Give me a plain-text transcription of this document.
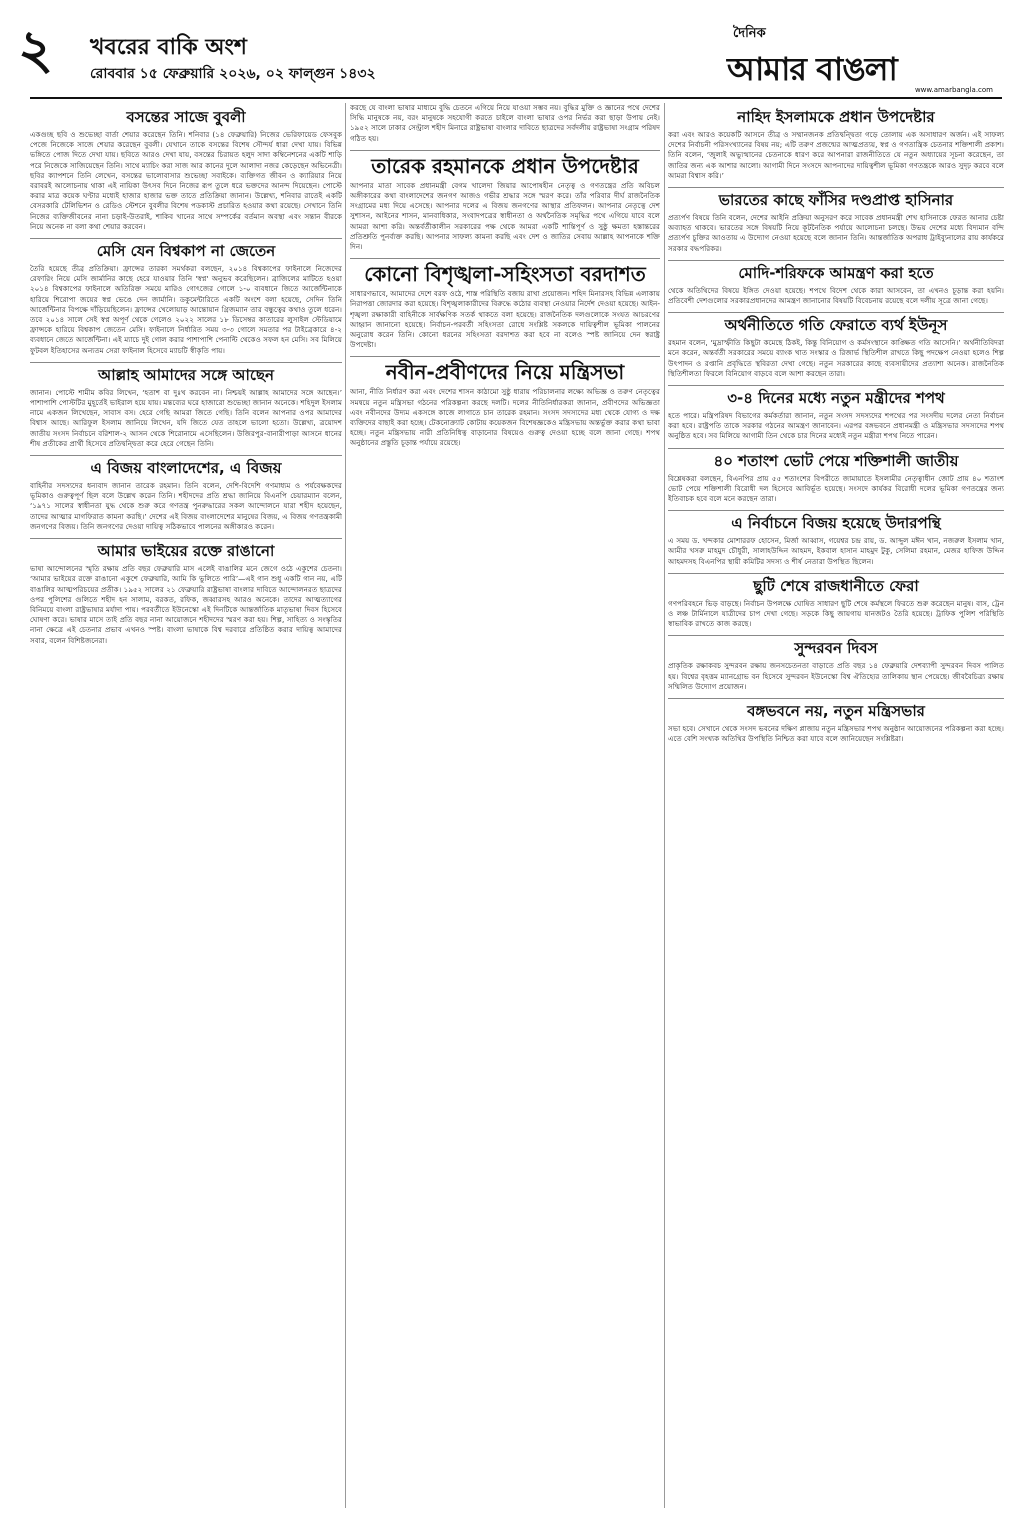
২ খবরের বাকি অংশ
রোববার ১৫ ফেব্রুয়ারি ২০২৬, ০২ ফাল্গুন ১৪৩২
দৈনিক
আমার বাঙলা
www.amarbangla.com
বসন্তের সাজে বুবলী

একগুচ্ছ ছবি ও শুভেচ্ছা বার্তা শেয়ার করেছেন তিনি। শনিবার (১৪ ফেব্রুয়ারি) নিজের ভেরিফায়েড ফেসবুক পেজে নিজেকে সাজে শেয়ার করেছেন বুবলী। যেখানে তাকে বসন্তের বিশেষ সৌন্দর্য ধারা দেখা যায়। বিভিন্ন ভঙ্গিতে পোজ দিতে দেখা যায়। ছবিতে আরও দেখা যায়, বসন্তের চিরায়ত হলুদ সাদা কম্বিনেশনের একটি শাড়ি পরে নিজেকে সাজিয়েছেন তিনি। সাথে ম্যাচিং করা সাজ আর কানের দুলে আলাদা নজর কেড়েছেন অভিনেত্রী। ছবির ক্যাপশনে তিনি লেখেন, বসন্তের ভালোবাসার শুভেচ্ছা সবাইকে। ব্যক্তিগত জীবন ও ক্যারিয়ার নিয়ে বরাবরই আলোচনায় থাকা এই নায়িকা উৎসব দিনে নিজের রূপ তুলে ধরে ভক্তদের আনন্দ দিয়েছেন। পোস্টে করার মাত্র কয়েক ঘণ্টার মধ্যেই হাজার হাজার ভক্ত তাতে প্রতিক্রিয়া জানান। উল্লেখ্য, শনিবার রাতেই একটি বেসরকারি টেলিভিশন ও রেডিও স্টেশনে বুবলীর বিশেষ পডকাস্ট প্রচারিত হওয়ার কথা রয়েছে। সেখানে তিনি নিজের ব্যক্তিজীবনের নানা চড়াই-উতরাই, শাকিব খানের সাথে সম্পর্কের বর্তমান অবস্থা এবং সন্তান বীরকে নিয়ে অনেক না বলা কথা শেয়ার করবেন।

মেসি যেন বিশ্বকাপ না জেতেন

তৈরি হয়েছে তীব্র প্রতিক্রিয়া। ফ্রান্সের তারকা সমর্থকরা বলছেন, ২০১৪ বিশ্বকাপের ফাইনালে নিজেদের রেফারিং নিয়ে মেসি জার্মানির কাছে হেরে যাওয়ার তিনি 'স্বপ্ন' অনুভব করেছিলেন। ব্রাজিলের মাটিতে হওয়া ২০১৪ বিশ্বকাপের ফাইনালে অতিরিক্ত সময়ে মারিও গোৎজের গোলে ১-০ ব্যবধানে জিতে আর্জেন্টিনাকে হারিয়ে শিরোপা জয়ের স্বপ্ন ভেঙে দেন জার্মানি। ডকুমেন্টারিতে একটি অংশে বলা হয়েছে, সেদিন তিনি আর্জেন্টিনার বিপক্ষে দাঁড়িয়েছিলেন। ফ্রান্সের খেলোয়াড় আন্তোয়ান গ্রিজম্যান তার বন্ধুত্বের কথাও তুলে ধরেন। তবে ২০১৪ সালে সেই স্বপ্ন অপূর্ণ থেকে গেলেও ২০২২ সালের ১৮ ডিসেম্বর কাতারের লুসাইল স্টেডিয়ামে ফ্রান্সকে হারিয়ে বিশ্বকাপ জেতেন মেসি। ফাইনালে নির্ধারিত সময় ৩-৩ গোলে সমতার পর টাইব্রেকারে ৪-২ ব্যবধানে জেতে আর্জেন্টিনা। এই ম্যাচে দুই গোল করার পাশাপাশি পেনাল্টি থেকেও সফল হন মেসি। সব মিলিয়ে ফুটবল ইতিহাসের অন্যতম সেরা ফাইনাল হিসেবে ম্যাচটি স্বীকৃতি পায়।

আল্লাহ আমাদের সঙ্গে আছেন

জানান। পোস্টে শামীম কবির লিখেন, ‘হতাশ বা দুঃখ করবেন না। নিশ্চয়ই আল্লাহ আমাদের সঙ্গে আছেন।’ পাশাপাশি পোস্টটির মুহূর্তেই ভাইরাল হয়ে যায়। মন্তব্যের ঘরে হাজারো শুভেচ্ছা জানান অনেকে। শহিদুল ইসলাম নামে একজন লিখেছেন, সাবাস বস। হেরে গেছি আমরা জিতে গেছি। তিনি বলেন আপনার ওপর আমাদের বিশ্বাস আছে। আরিফুল ইসলাম জানিয়ে লিখেন, যদি জিতে যেত তাহলে ভালো হতো। উল্লেখ্য, ত্রয়োদশ জাতীয় সংসদ নির্বাচনে বরিশাল-২ আসন থেকে শিরোনামে এসেছিলেন। উজিরপুর-বানারীপাড়া আসনে ধানের শীষ প্রতীকের প্রার্থী হিসেবে প্রতিদ্বন্দ্বিতা করে হেরে গেছেন তিনি।

এ বিজয় বাংলাদেশের, এ বিজয়

বাহিনীর সদস্যদের ধন্যবাদ জানান তারেক রহমান। তিনি বলেন, দেশি-বিদেশি গণমাধ্যম ও পর্যবেক্ষকদের ভূমিকাও গুরুত্বপূর্ণ ছিল বলে উল্লেখ করেন তিনি। শহীদদের প্রতি শ্রদ্ধা জানিয়ে বিএনপি চেয়ারম্যান বলেন, ‘১৯৭১ সালের স্বাধীনতা যুদ্ধ থেকে শুরু করে গণতন্ত্র পুনরুদ্ধারের সকল আন্দোলনে যারা শহীদ হয়েছেন, তাদের আত্মার মাগফিরাত কামনা করছি।’ দেশের এই বিজয় বাংলাদেশের মানুষের বিজয়, এ বিজয় গণতন্ত্রকামী জনগণের বিজয়। তিনি জনগণের দেওয়া দায়িত্ব সঠিকভাবে পালনের অঙ্গীকারও করেন।

আমার ভাইয়ের রক্তে রাঙানো

ভাষা আন্দোলনের স্মৃতি রক্ষায় প্রতি বছর ফেব্রুয়ারি মাস এলেই বাঙালির মনে জেগে ওঠে একুশের চেতনা। ‘আমার ভাইয়ের রক্তে রাঙানো একুশে ফেব্রুয়ারি, আমি কি ভুলিতে পারি’—এই গান শুধু একটি গান নয়, এটি বাঙালির আত্মপরিচয়ের প্রতীক। ১৯৫২ সালের ২১ ফেব্রুয়ারি রাষ্ট্রভাষা বাংলার দাবিতে আন্দোলনরত ছাত্রদের ওপর পুলিশের গুলিতে শহীদ হন সালাম, বরকত, রফিক, জব্বারসহ আরও অনেকে। তাদের আত্মত্যাগের বিনিময়ে বাংলা রাষ্ট্রভাষার মর্যাদা পায়। পরবর্তীতে ইউনেস্কো এই দিনটিকে আন্তর্জাতিক মাতৃভাষা দিবস হিসেবে ঘোষণা করে। ভাষার মাসে তাই প্রতি বছর নানা আয়োজনে শহীদদের স্মরণ করা হয়। শিল্প, সাহিত্য ও সংস্কৃতির নানা ক্ষেত্রে এই চেতনার প্রভাব এখনও স্পষ্ট। বাংলা ভাষাকে বিশ্ব দরবারে প্রতিষ্ঠিত করার দায়িত্ব আমাদের সবার, বলেন বিশিষ্টজনেরা।

করছে যে বাংলা ভাষার মাধ্যমে বুদ্ধি চেতনে এগিয়ে নিয়ে যাওয়া সম্ভব নয়। বুদ্ধির মুক্তি ও জ্ঞানের পথে দেশের সিদ্ধি মানুষকে নয়, বরং মানুষকে সহযোগী করতে চাইলে বাংলা ভাষার ওপর নির্ভর করা ছাড়া উপায় নেই। ১৯৫২ সালে ঢাকার সেন্ট্রাল শহীদ মিনারে রাষ্ট্রভাষা বাংলার দাবিতে ছাত্রদের সর্বদলীয় রাষ্ট্রভাষা সংগ্রাম পরিষদ গঠিত হয়।

তারেক রহমানকে প্রধান উপদেষ্টার

আপনার মাতা সাবেক প্রধানমন্ত্রী বেগম খালেদা জিয়ার আপোষহীন নেতৃত্ব ও গণতন্ত্রের প্রতি অবিচল অঙ্গীকারের কথা বাংলাদেশের জনগণ আজও গভীর শ্রদ্ধার সঙ্গে স্মরণ করে। তাঁর পরিবার দীর্ঘ রাজনৈতিক সংগ্রামের মধ্য দিয়ে এসেছে। আপনার দলের এ বিজয় জনগণের আস্থার প্রতিফলন। আপনার নেতৃত্বে দেশ সুশাসন, আইনের শাসন, মানবাধিকার, সংবাদপত্রের স্বাধীনতা ও অর্থনৈতিক সমৃদ্ধির পথে এগিয়ে যাবে বলে আমরা আশা করি। অন্তর্বর্তীকালীন সরকারের পক্ষ থেকে আমরা একটি শান্তিপূর্ণ ও সুষ্ঠু ক্ষমতা হস্তান্তরের প্রতিশ্রুতি পুনর্ব্যক্ত করছি। আপনার সাফল্য কামনা করছি এবং দেশ ও জাতির সেবায় আল্লাহ আপনাকে শক্তি দিন।

কোনো বিশৃঙ্খলা-সহিংসতা বরদাশত

সাধারণভাবে, আমাদের দেশে বরফ ওঠে, শাস্ত পরিস্থিতি বজায় রাখা প্রয়োজন। শহিদ মিনারসহ বিভিন্ন এলাকায় নিরাপত্তা জোরদার করা হয়েছে। বিশৃঙ্খলাকারীদের বিরুদ্ধে কঠোর ব্যবস্থা নেওয়ার নির্দেশ দেওয়া হয়েছে। আইন-শৃঙ্খলা রক্ষাকারী বাহিনীকে সার্বক্ষণিক সতর্ক থাকতে বলা হয়েছে। রাজনৈতিক দলগুলোকে সংযত আচরণের আহ্বান জানানো হয়েছে। নির্বাচন-পরবর্তী সহিংসতা রোধে সংশ্লিষ্ট সকলকে দায়িত্বশীল ভূমিকা পালনের অনুরোধ করেন তিনি। কোনো ধরনের সহিংসতা বরদাশত করা হবে না বলেও স্পষ্ট জানিয়ে দেন স্বরাষ্ট্র উপদেষ্টা।

নবীন-প্রবীণদের নিয়ে মন্ত্রিসভা

আনা, নীতি নির্ধারণ করা এবং দেশের শাসন কাঠামো সুষ্ঠু ধারায় পরিচালনার লক্ষ্যে অভিজ্ঞ ও তরুণ নেতৃত্বের সমন্বয়ে নতুন মন্ত্রিসভা গঠনের পরিকল্পনা করছে দলটি। দলের নীতিনির্ধারকরা জানান, প্রবীণদের অভিজ্ঞতা এবং নবীনদের উদ্যম একসঙ্গে কাজে লাগাতে চান তারেক রহমান। সংসদ সদস্যদের মধ্য থেকে যোগ্য ও দক্ষ ব্যক্তিদের বাছাই করা হচ্ছে। টেকনোক্র্যাট কোটায় কয়েকজন বিশেষজ্ঞকেও মন্ত্রিসভায় অন্তর্ভুক্ত করার কথা ভাবা হচ্ছে। নতুন মন্ত্রিসভায় নারী প্রতিনিধিত্ব বাড়ানোর বিষয়েও গুরুত্ব দেওয়া হচ্ছে বলে জানা গেছে। শপথ অনুষ্ঠানের প্রস্তুতি চূড়ান্ত পর্যায়ে রয়েছে।

নাহিদ ইসলামকে প্রধান উপদেষ্টার

করা এবং আরও কয়েকটি আসনে তীব্র ও সম্মানজনক প্রতিদ্বন্দ্বিতা গড়ে তোলায় এক অসাধারণ অর্জন। এই সাফল্য দেশের নির্বাচনী পরিসংখ্যানের বিষয় নয়; এটি তরুণ প্রজন্মের আত্মপ্রত্যয়, স্বপ্ন ও গণতান্ত্রিক চেতনার শক্তিশালী প্রকাশ। তিনি বলেন, ‘জুলাই অভ্যুত্থানের চেতনাকে ধারণ করে আপনারা রাজনীতিতে যে নতুন অধ্যায়ের সূচনা করেছেন, তা জাতির জন্য এক আশার আলো। আগামী দিনে সংসদে আপনাদের দায়িত্বশীল ভূমিকা গণতন্ত্রকে আরও সুদৃঢ় করবে বলে আমরা বিশ্বাস করি।’

ভারতের কাছে ফাঁসির দণ্ডপ্রাপ্ত হাসিনার

প্রত্যর্পণ বিষয়ে তিনি বলেন, দেশের আইনি প্রক্রিয়া অনুসরণ করে সাবেক প্রধানমন্ত্রী শেখ হাসিনাকে ফেরত আনার চেষ্টা অব্যাহত থাকবে। ভারতের সঙ্গে বিষয়টি নিয়ে কূটনৈতিক পর্যায়ে আলোচনা চলছে। উভয় দেশের মধ্যে বিদ্যমান বন্দি প্রত্যর্পণ চুক্তির আওতায় এ উদ্যোগ নেওয়া হয়েছে বলে জানান তিনি। আন্তর্জাতিক অপরাধ ট্রাইব্যুনালের রায় কার্যকরে সরকার বদ্ধপরিকর।

মোদি-শরিফকে আমন্ত্রণ করা হতে

থেকে অতিথিদের বিষয়ে ইঙ্গিত দেওয়া হয়েছে। শপথে বিদেশ থেকে কারা আসবেন, তা এখনও চূড়ান্ত করা হয়নি। প্রতিবেশী দেশগুলোর সরকারপ্রধানদের আমন্ত্রণ জানানোর বিষয়টি বিবেচনায় রয়েছে বলে দলীয় সূত্রে জানা গেছে।

অর্থনীতিতে গতি ফেরাতে ব্যর্থ ইউনূস

রহমান বলেন, ‘মুদ্রাস্ফীতি কিছুটা কমেছে ঠিকই, কিন্তু বিনিয়োগ ও কর্মসংস্থানে কাঙ্ক্ষিত গতি আসেনি।’ অর্থনীতিবিদরা মনে করেন, অন্তর্বর্তী সরকারের সময়ে ব্যাংক খাত সংস্কার ও রিজার্ভ স্থিতিশীল রাখতে কিছু পদক্ষেপ নেওয়া হলেও শিল্প উৎপাদন ও রপ্তানি প্রবৃদ্ধিতে স্থবিরতা দেখা গেছে। নতুন সরকারের কাছে ব্যবসায়ীদের প্রত্যাশা অনেক। রাজনৈতিক স্থিতিশীলতা ফিরলে বিনিয়োগ বাড়বে বলে আশা করছেন তারা।

৩-৪ দিনের মধ্যে নতুন মন্ত্রীদের শপথ

হতে পারে। মন্ত্রিপরিষদ বিভাগের কর্মকর্তারা জানান, নতুন সংসদ সদস্যদের শপথের পর সংসদীয় দলের নেতা নির্বাচন করা হবে। রাষ্ট্রপতি তাকে সরকার গঠনের আমন্ত্রণ জানাবেন। এরপর বঙ্গভবনে প্রধানমন্ত্রী ও মন্ত্রিসভার সদস্যদের শপথ অনুষ্ঠিত হবে। সব মিলিয়ে আগামী তিন থেকে চার দিনের মধ্যেই নতুন মন্ত্রীরা শপথ নিতে পারেন।

৪০ শতাংশ ভোট পেয়ে শক্তিশালী জাতীয়

বিশ্লেষকরা বলছেন, বিএনপির প্রায় ৫৫ শতাংশের বিপরীতে জামায়াতে ইসলামীর নেতৃত্বাধীন জোট প্রায় ৪০ শতাংশ ভোট পেয়ে শক্তিশালী বিরোধী দল হিসেবে আবির্ভূত হয়েছে। সংসদে কার্যকর বিরোধী দলের ভূমিকা গণতন্ত্রের জন্য ইতিবাচক হবে বলে মনে করছেন তারা।

এ নির্বাচনে বিজয় হয়েছে উদারপন্থি

এ সময় ড. খন্দকার মোশাররফ হোসেন, মির্জা আব্বাস, গয়েশ্বর চন্দ্র রায়, ড. আব্দুল মঈন খান, নজরুল ইসলাম খান, আমীর খসরু মাহমুদ চৌধুরী, সালাহউদ্দিন আহমদ, ইকবাল হাসান মাহমুদ টুকু, সেলিমা রহমান, মেজর হাফিজ উদ্দিন আহমদসহ বিএনপির স্থায়ী কমিটির সদস্য ও শীর্ষ নেতারা উপস্থিত ছিলেন।

ছুটি শেষে রাজধানীতে ফেরা

গণপরিবহনে ভিড় বাড়ছে। নির্বাচন উপলক্ষে ঘোষিত সাধারণ ছুটি শেষে কর্মস্থলে ফিরতে শুরু করেছেন মানুষ। বাস, ট্রেন ও লঞ্চ টার্মিনালে যাত্রীদের চাপ দেখা গেছে। সড়কে কিছু জায়গায় যানজটও তৈরি হয়েছে। ট্রাফিক পুলিশ পরিস্থিতি স্বাভাবিক রাখতে কাজ করছে।

সুন্দরবন দিবস

প্রাকৃতিক রক্ষাকবচ সুন্দরবন রক্ষায় জনসচেতনতা বাড়াতে প্রতি বছর ১৪ ফেব্রুয়ারি দেশব্যাপী সুন্দরবন দিবস পালিত হয়। বিশ্বের বৃহত্তম ম্যানগ্রোভ বন হিসেবে সুন্দরবন ইউনেস্কো বিশ্ব ঐতিহ্যের তালিকায় স্থান পেয়েছে। জীববৈচিত্র্য রক্ষায় সম্মিলিত উদ্যোগ প্রয়োজন।

বঙ্গভবনে নয়, নতুন মন্ত্রিসভার

সভা হবে। সেখানে থেকে সংসদ ভবনের দক্ষিণ প্লাজায় নতুন মন্ত্রিসভার শপথ অনুষ্ঠান আয়োজনের পরিকল্পনা করা হচ্ছে। এতে বেশি সংখ্যক অতিথির উপস্থিতি নিশ্চিত করা যাবে বলে জানিয়েছেন সংশ্লিষ্টরা।
